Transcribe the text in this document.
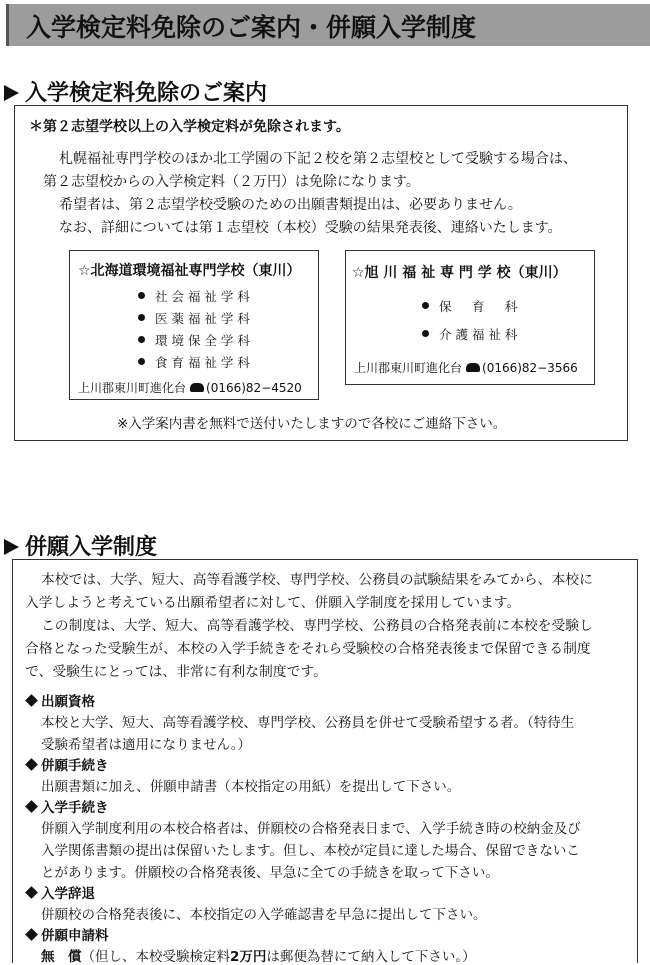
入学検定料免除のご案内・併願入学制度
入学検定料免除のご案内
＊第２志望学校以上の入学検定料が免除されます。
札幌福祉専門学校のほか北工学園の下記２校を第２志望校として受験する場合は、
第２志望校からの入学検定料（２万円）は免除になります。
希望者は、第２志望学校受験のための出願書類提出は、必要ありません。
なお、詳細については第１志望校（本校）受験の結果発表後、連絡いたします。
☆北海道環境福祉専門学校（東川）
社 会 福 祉 学 科
医 薬 福 祉 学 科
環 境 保 全 学 科
食 育 福 祉 学 科
上川郡東川町進化台 (0166)82−4520
☆旭 川 福 祉 専 門 学 校（東川）
保 　 育 　 科
介 護 福 祉 科
上川郡東川町進化台 (0166)82−3566
※入学案内書を無料で送付いたしますので各校にご連絡下さい。
併願入学制度
本校では、大学、短大、高等看護学校、専門学校、公務員の試験結果をみてから、本校に
入学しようと考えている出願希望者に対して、併願入学制度を採用しています。
この制度は、大学、短大、高等看護学校、専門学校、公務員の合格発表前に本校を受験し
合格となった受験生が、本校の入学手続きをそれら受験校の合格発表後まで保留できる制度
で、受験生にとっては、非常に有利な制度です。
出願資格
本校と大学、短大、高等看護学校、専門学校、公務員を併せて受験希望する者。（特待生
受験希望者は適用になりません。）
併願手続き
出願書類に加え、併願申請書（本校指定の用紙）を提出して下さい。
入学手続き
併願入学制度利用の本校合格者は、併願校の合格発表日まで、入学手続き時の校納金及び
入学関係書類の提出は保留いたします。但し、本校が定員に達した場合、保留できないこ
とがあります。併願校の合格発表後、早急に全ての手続きを取って下さい。
入学辞退
併願校の合格発表後に、本校指定の入学確認書を早急に提出して下さい。
併願申請料
無　償（但し、本校受験検定料2万円は郵便為替にて納入して下さい。）
